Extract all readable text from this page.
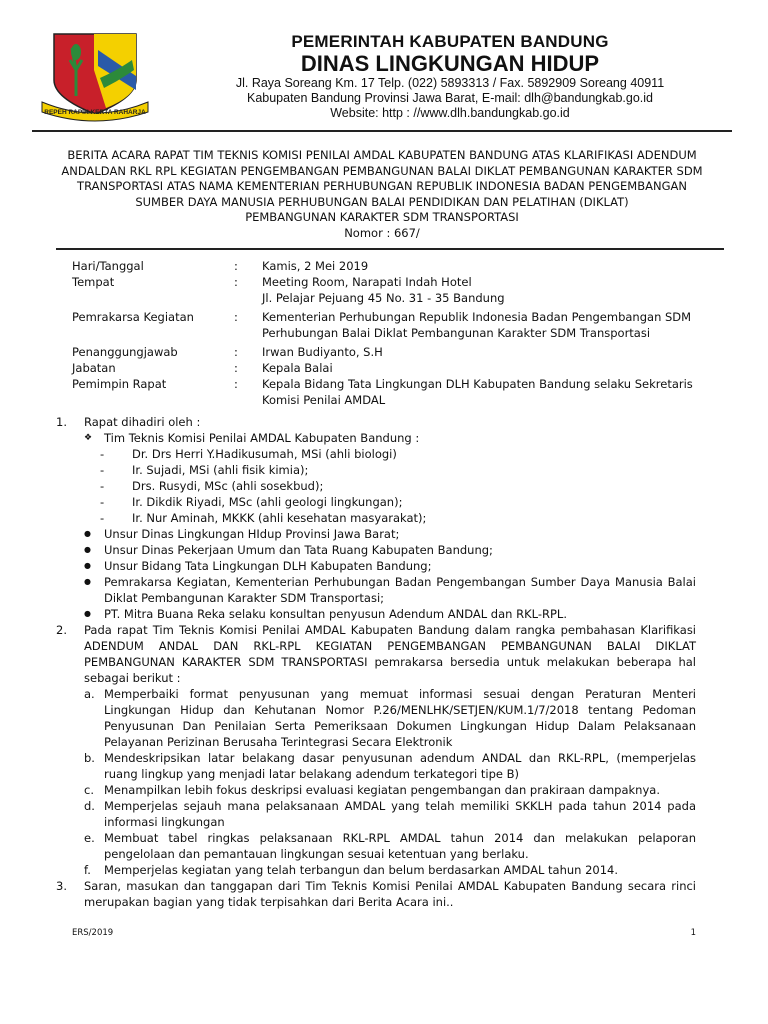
REPEH RAPIH KERTA RAHARJA

PEMERINTAH KABUPATEN BANDUNG

DINAS LINGKUNGAN HIDUP

Jl. Raya Soreang Km. 17 Telp. (022) 5893313 / Fax. 5892909 Soreang 40911

Kabupaten Bandung Provinsi Jawa Barat, E-mail: dlh@bandungkab.go.id

Website: http : //www.dlh.bandungkab.go.id

BERITA ACARA RAPAT TIM TEKNIS KOMISI PENILAI AMDAL KABUPATEN BANDUNG ATAS KLARIFIKASI ADENDUM
ANDALDAN RKL RPL KEGIATAN PENGEMBANGAN PEMBANGUNAN BALAI DIKLAT PEMBANGUNAN KARAKTER SDM
TRANSPORTASI ATAS NAMA KEMENTERIAN PERHUBUNGAN REPUBLIK INDONESIA BADAN PENGEMBANGAN
SUMBER DAYA MANUSIA PERHUBUNGAN BALAI PENDIDIKAN DAN PELATIHAN (DIKLAT)
PEMBANGUNAN KARAKTER SDM TRANSPORTASI
Nomor : 667/
Hari/Tanggal	:	Kamis, 2 Mei 2019
Tempat	:	Meeting Room, Narapati Indah Hotel
Jl. Pelajar Pejuang 45 No. 31 - 35 Bandung
Pemrakarsa Kegiatan	:	Kementerian Perhubungan Republik Indonesia Badan Pengembangan SDM
Perhubungan Balai Diklat Pembangunan Karakter SDM Transportasi
Penanggungjawab	:	Irwan Budiyanto, S.H
Jabatan	:	Kepala Balai
Pemimpin Rapat	:	Kepala Bidang Tata Lingkungan DLH Kabupaten Bandung selaku Sekretaris
Komisi Penilai AMDAL
1.	Rapat dihadiri oleh :
❖	Tim Teknis Komisi Penilai AMDAL Kabupaten Bandung :
-	Dr. Drs Herri Y.Hadikusumah, MSi (ahli biologi)
-	Ir. Sujadi, MSi (ahli fisik kimia);
-	Drs. Rusydi, MSc (ahli sosekbud);
-	Ir. Dikdik Riyadi, MSc (ahli geologi lingkungan);
-	Ir. Nur Aminah, MKKK (ahli kesehatan masyarakat);
●	Unsur Dinas Lingkungan HIdup Provinsi Jawa Barat;
●	Unsur Dinas Pekerjaan Umum dan Tata Ruang Kabupaten Bandung;
●	Unsur Bidang Tata Lingkungan DLH Kabupaten Bandung;
●	Pemrakarsa Kegiatan, Kementerian Perhubungan Badan Pengembangan Sumber Daya Manusia Balai Diklat Pembangunan Karakter SDM Transportasi;
●	PT. Mitra Buana Reka selaku konsultan penyusun Adendum ANDAL dan RKL-RPL.
2.	Pada rapat Tim Teknis Komisi Penilai AMDAL Kabupaten Bandung dalam rangka pembahasan Klarifikasi ADENDUM ANDAL DAN RKL-RPL KEGIATAN PENGEMBANGAN PEMBANGUNAN BALAI DIKLAT PEMBANGUNAN KARAKTER SDM TRANSPORTASI pemrakarsa bersedia untuk melakukan beberapa hal sebagai berikut :
a. Memperbaiki format penyusunan yang memuat informasi sesuai dengan Peraturan Menteri Lingkungan Hidup dan Kehutanan Nomor P.26/MENLHK/SETJEN/KUM.1/7/2018 tentang Pedoman Penyusunan Dan Penilaian Serta Pemeriksaan Dokumen Lingkungan Hidup Dalam Pelaksanaan Pelayanan Perizinan Berusaha Terintegrasi Secara Elektronik
b. Mendeskripsikan latar belakang dasar penyusunan adendum ANDAL dan RKL-RPL, (memperjelas ruang lingkup yang menjadi latar belakang adendum terkategori tipe B)
c. Menampilkan lebih fokus deskripsi evaluasi kegiatan pengembangan dan prakiraan dampaknya.
d. Memperjelas sejauh mana pelaksanaan AMDAL yang telah memiliki SKKLH pada tahun 2014 pada informasi lingkungan
e. Membuat tabel ringkas pelaksanaan RKL-RPL AMDAL tahun 2014 dan melakukan pelaporan pengelolaan dan pemantauan lingkungan sesuai ketentuan yang berlaku.
f.	Memperjelas kegiatan yang telah terbangun dan belum berdasarkan AMDAL tahun 2014.
3.	Saran, masukan dan tanggapan dari Tim Teknis Komisi Penilai AMDAL Kabupaten Bandung secara rinci merupakan bagian yang tidak terpisahkan dari Berita Acara ini..
ERS/2019	1
